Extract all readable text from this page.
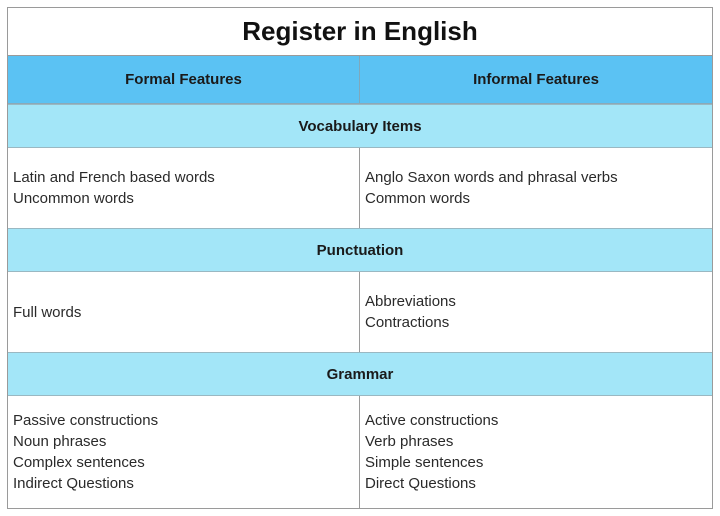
Register in English
Formal Features	Informal Features
Vocabulary Items
Latin and French based words
Uncommon words
Anglo Saxon words and phrasal verbs
Common words
Punctuation
Full words
Abbreviations
Contractions
Grammar
Passive constructions
Noun phrases
Complex sentences
Indirect Questions
Active constructions
Verb phrases
Simple sentences
Direct Questions
